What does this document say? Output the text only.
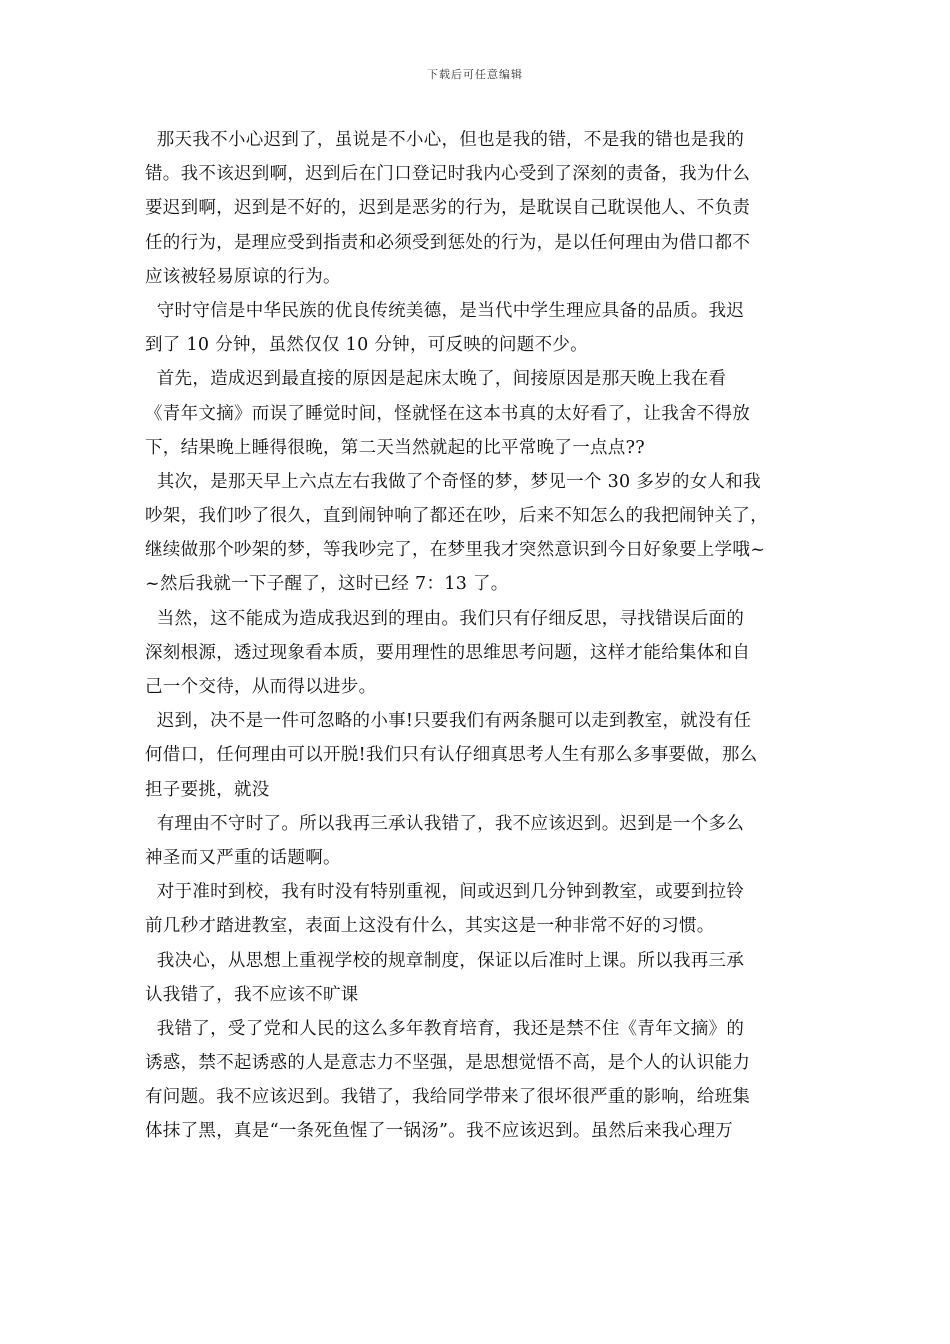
下载后可任意编辑
那天我不小心迟到了，虽说是不小心，但也是我的错，不是我的错也是我的
错。我不该迟到啊，迟到后在门口登记时我内心受到了深刻的责备，我为什么
要迟到啊，迟到是不好的，迟到是恶劣的行为，是耽误自己耽误他人、不负责
任的行为，是理应受到指责和必须受到惩处的行为，是以任何理由为借口都不
应该被轻易原谅的行为。
守时守信是中华民族的优良传统美德，是当代中学生理应具备的品质。我迟
到了 10 分钟，虽然仅仅 10 分钟，可反映的问题不少。
首先，造成迟到最直接的原因是起床太晚了，间接原因是那天晚上我在看
《青年文摘》而误了睡觉时间，怪就怪在这本书真的太好看了，让我舍不得放
下，结果晚上睡得很晚，第二天当然就起的比平常晚了一点点??
其次，是那天早上六点左右我做了个奇怪的梦，梦见一个 30 多岁的女人和我
吵架，我们吵了很久，直到闹钟响了都还在吵，后来不知怎么的我把闹钟关了，
继续做那个吵架的梦，等我吵完了，在梦里我才突然意识到今日好象要上学哦~
~然后我就一下子醒了，这时已经 7：13 了。
当然，这不能成为造成我迟到的理由。我们只有仔细反思，寻找错误后面的
深刻根源，透过现象看本质，要用理性的思维思考问题，这样才能给集体和自
己一个交待，从而得以进步。
迟到，决不是一件可忽略的小事!只要我们有两条腿可以走到教室，就没有任
何借口，任何理由可以开脱!我们只有认仔细真思考人生有那么多事要做，那么
担子要挑，就没
有理由不守时了。所以我再三承认我错了，我不应该迟到。迟到是一个多么
神圣而又严重的话题啊。
对于准时到校，我有时没有特别重视，间或迟到几分钟到教室，或要到拉铃
前几秒才踏进教室，表面上这没有什么，其实这是一种非常不好的习惯。
我决心，从思想上重视学校的规章制度，保证以后准时上课。所以我再三承
认我错了，我不应该不旷课
我错了，受了党和人民的这么多年教育培育，我还是禁不住《青年文摘》的
诱惑，禁不起诱惑的人是意志力不坚强，是思想觉悟不高，是个人的认识能力
有问题。我不应该迟到。我错了，我给同学带来了很坏很严重的影响，给班集
体抹了黑，真是“一条死鱼惺了一锅汤”。我不应该迟到。虽然后来我心理万
